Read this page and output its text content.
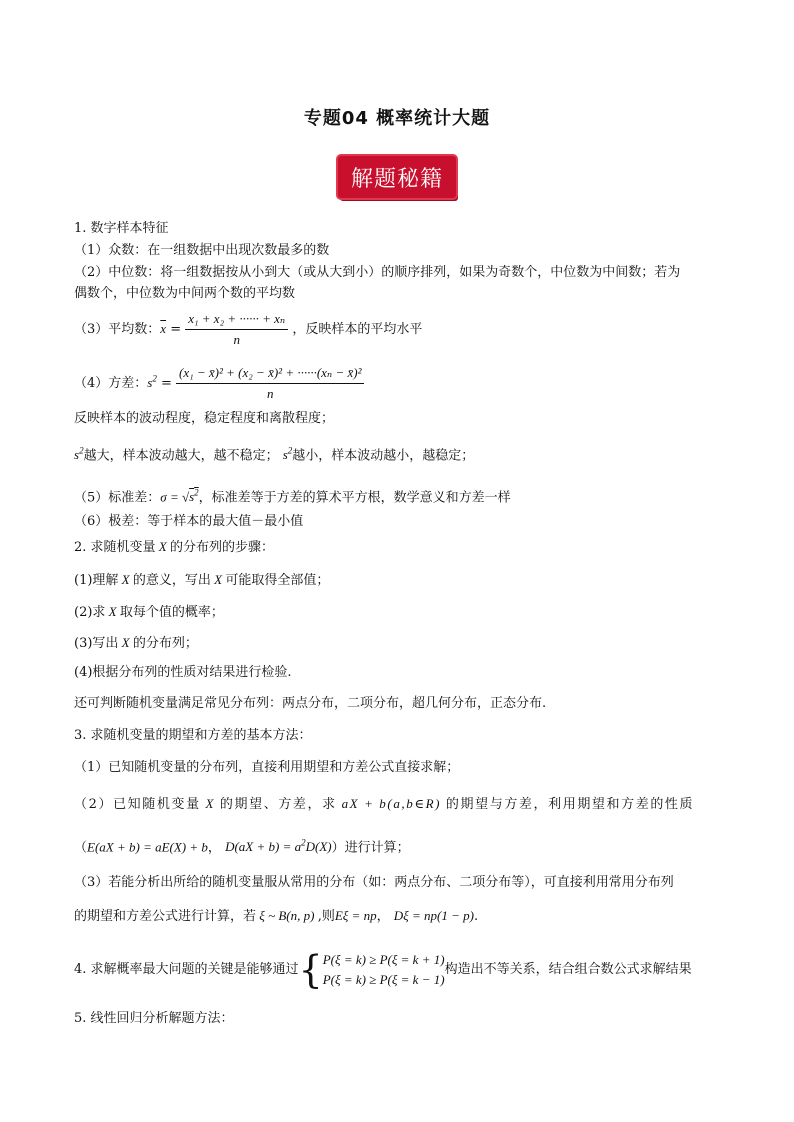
专题04 概率统计大题
解题秘籍
1. 数字样本特征
（1）众数：在一组数据中出现次数最多的数
（2）中位数：将一组数据按从小到大（或从大到小）的顺序排列，如果为奇数个，中位数为中间数；若为
偶数个，中位数为中间两个数的平均数
（3）平均数：$\overline{x} = \frac{\text{x₁ + x₂ + ······ + xₙ}}{n}$ ，反映样本的平均水平
（4）方差：$s^2 = \frac{\text{(x₁ − x̄)² + (x₂ − x̄)² + ······(xₙ − x̄)²}}{n}$
反映样本的波动程度，稳定程度和离散程度；
$s^2$越大，样本波动越大，越不稳定； $s^2$越小，样本波动越小，越稳定；
（5）标准差：$\sigma = √s^2$，标准差等于方差的算术平方根，数学意义和方差一样
（6）极差：等于样本的最大值－最小值
2. 求随机变量 X 的分布列的步骤：
(1)理解 X 的意义，写出 X 可能取得全部值；
(2)求 X 取每个值的概率；
(3)写出 X 的分布列；
(4)根据分布列的性质对结果进行检验.
还可判断随机变量满足常见分布列：两点分布，二项分布，超几何分布，正态分布.
3. 求随机变量的期望和方差的基本方法：
（1）已知随机变量的分布列，直接利用期望和方差公式直接求解；
（2）已知随机变量 X 的期望、方差，求 aX + b(a,b∈R) 的期望与方差，利用期望和方差的性质
（E(aX + b) = aE(X) + b， $D(aX + b) = a^2D(X)$）进行计算；
（3）若能分析出所给的随机变量服从常用的分布（如：两点分布、二项分布等），可直接利用常用分布列
的期望和方差公式进行计算，若 ξ ~ B(n, p) ,则Eξ = np， Dξ = np(1 − p).
4. 求解概率最大问题的关键是能够通过{P(ξ = k) ≥ P(ξ = k + 1)
P(ξ = k) ≥ P(ξ = k − 1)构造出不等关系，结合组合数公式求解结果
5. 线性回归分析解题方法：
